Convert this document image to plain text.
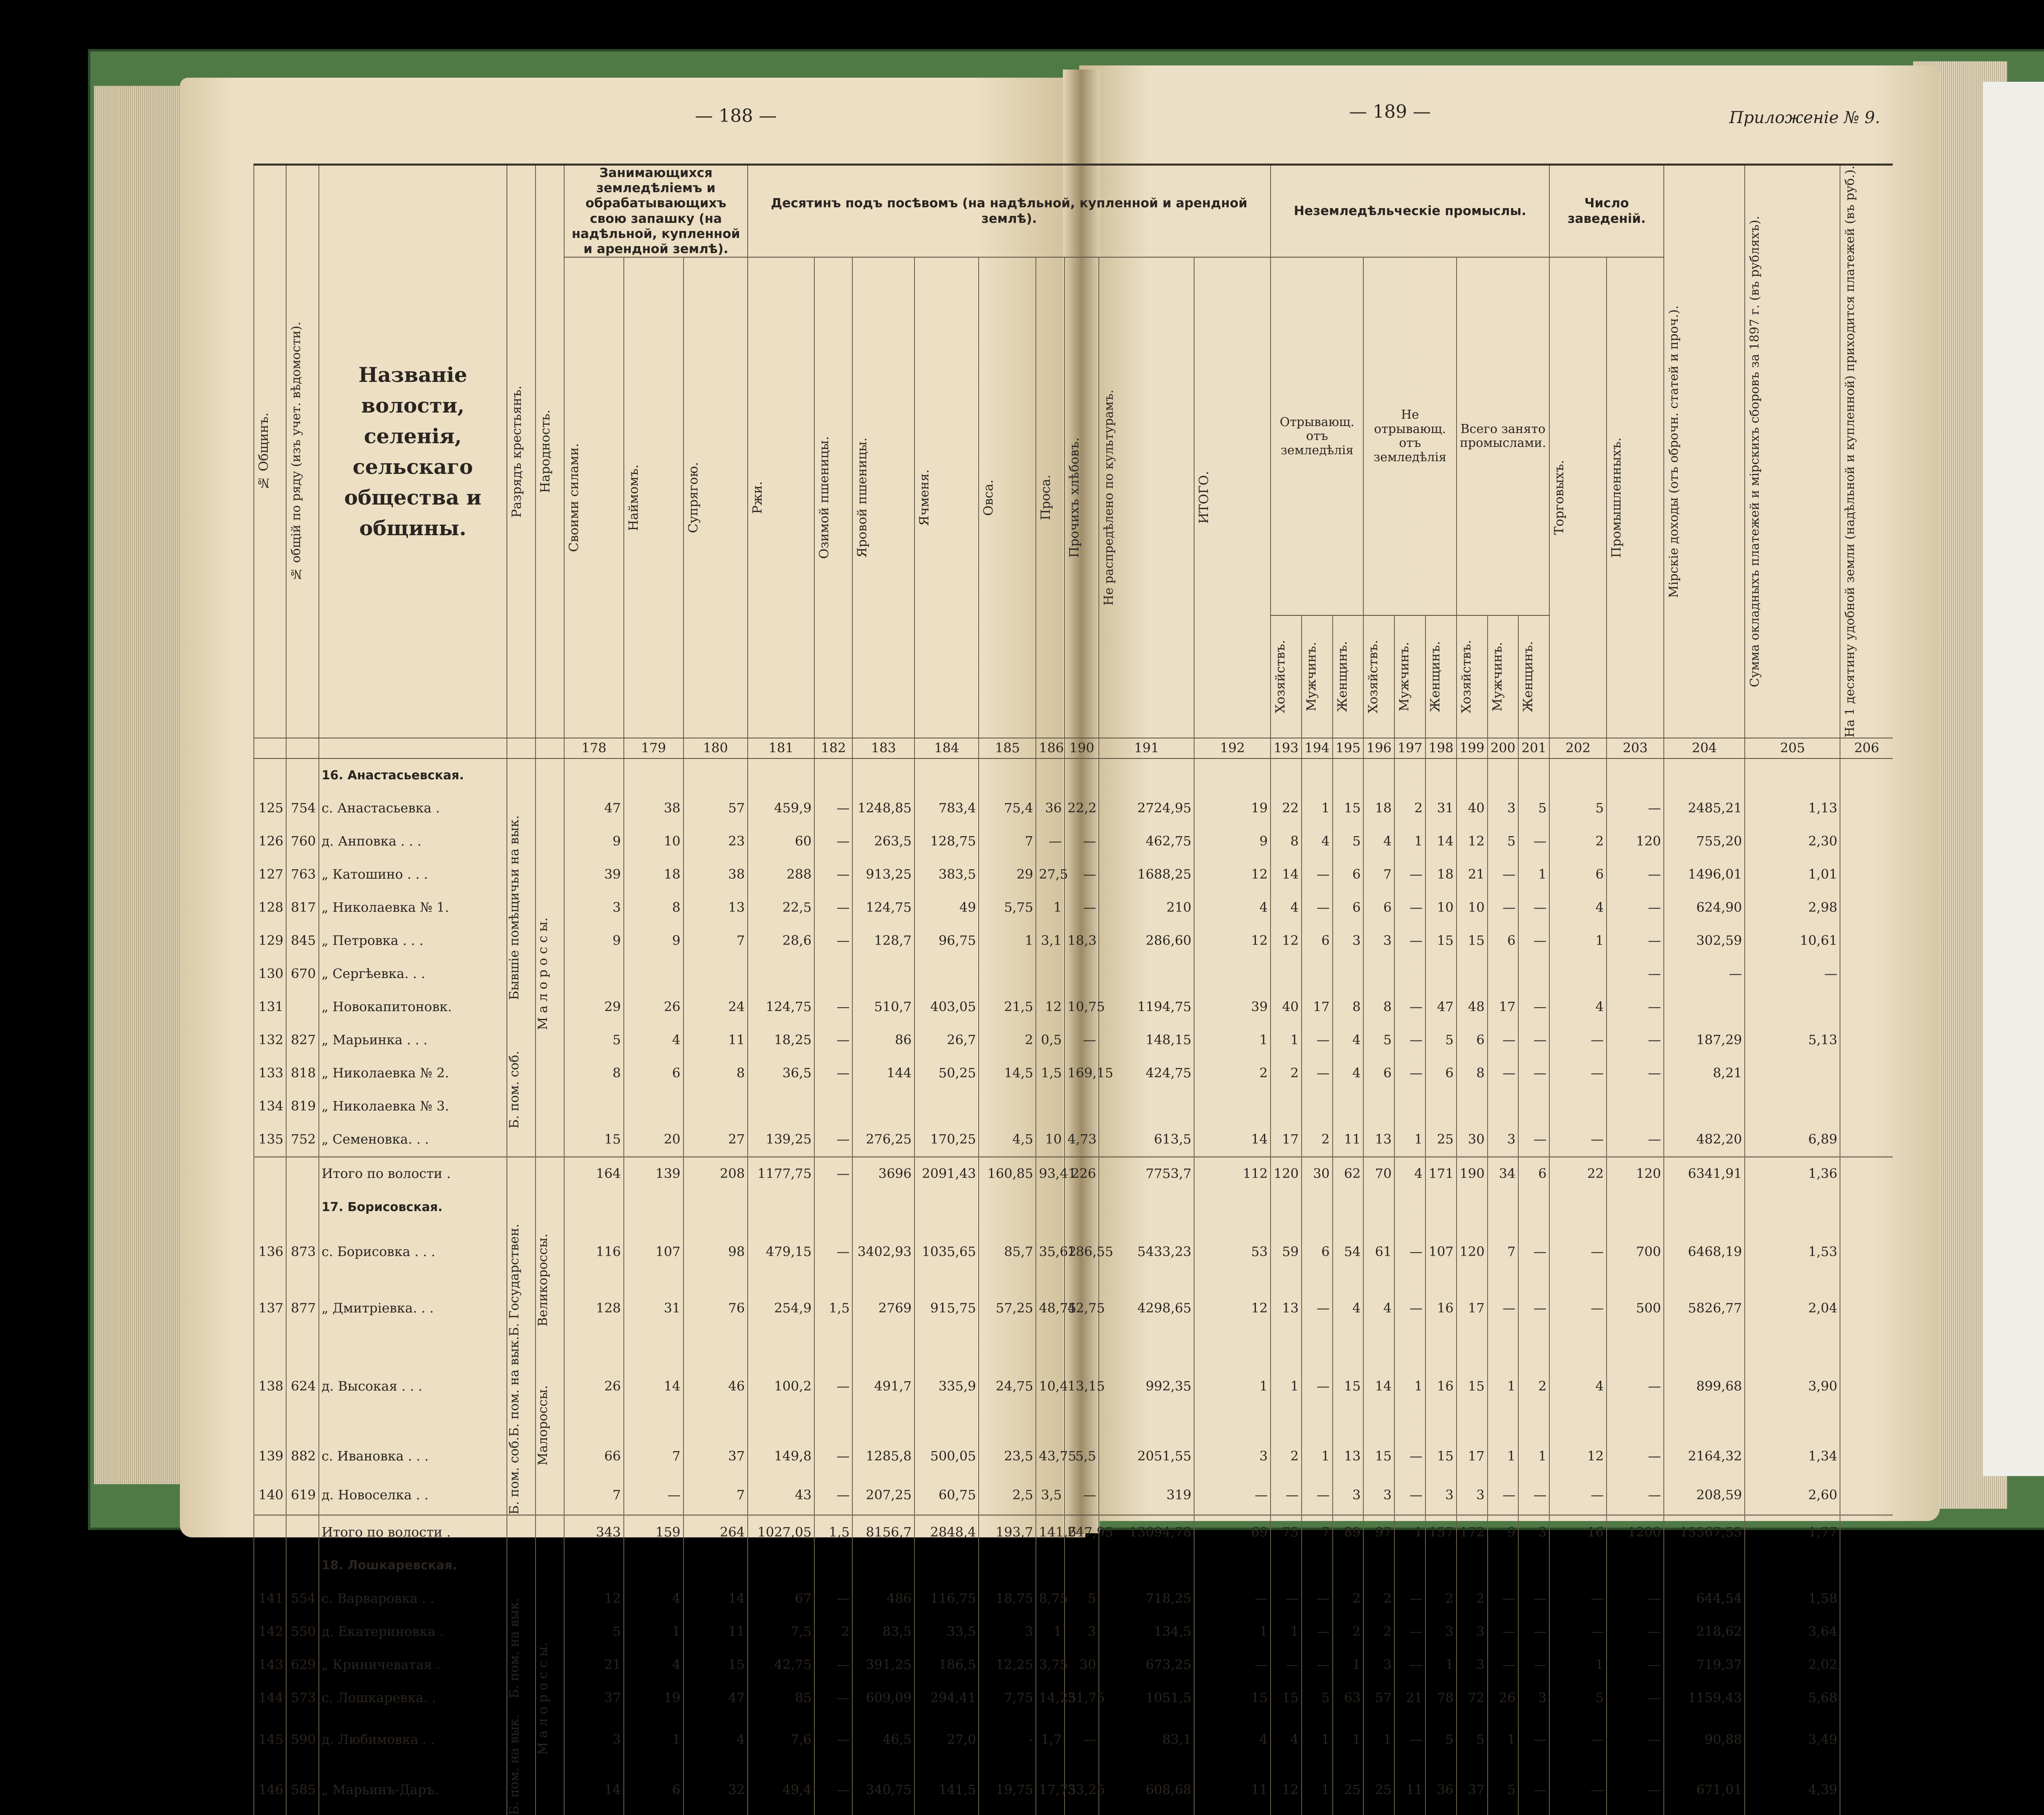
— 188 —	— 189 —	Приложеніе № 9.
№ Общинъ.	№ общій по ряду (изъ учет. вѣдомости).	Названіе волости, селенія, сельскаго общества и общины.	Разрядъ крестьянъ.	Народность.	Занимающихся земледѣліемъ и обрабатывающихъ свою запашку (на надѣльной, купленной и арендной землѣ).			Десятинъ подъ посѣвомъ (на надѣльной, купленной и арендной землѣ).									Неземледѣльческіе промыслы.									Число заведеній.		Мірскіе доходы (отъ оброчн. статей и проч.).	Сумма окладныхъ платежей и мірскихъ сборовъ за 1897 г. (въ рубляхъ).	На 1 десятину удобной земли (надѣльной и купленной) приходится платежей (въ руб.).

					Своими силами.	Наймомъ.	Супрягою.	Ржи.	Озимой пшеницы.	Яровой пшеницы.	Ячменя.	Овса.	Проса.	Прочихъ хлѣбовъ.	Не распредѣлено по культурамъ.	ИТОГО.	Отрывающ. отъ земледѣлія			Не отрывающ. отъ земледѣлія			Всего занято промыслами.			Торговыхъ.	Промышленныхъ.			

																	Хозяйствъ.	Мужчинъ.	Женщинъ.	Хозяйствъ.	Мужчинъ.	Женщинъ.	Хозяйствъ.	Мужчинъ.	Женщинъ.					

					178	179	180	181	182	183	184	185	186	190	191	192	193	194	195	196	197	198	199	200	201	202	203	204	205	206
		16. Анастасьевская.																												
125	754	с. Анастасьевка .	Бывшіе помѣщичьи на вык.	М а л о р о с с ы.	47	38	57	459,9	—	1248,85	783,4	75,4	36	22,2	2724,95	19	22	1	15	18	2	31	40	3	5	5	—	2485,21	1,13	
126	760	д. Анповка . . .			9	10	23	60	—	263,5	128,75	7	—	—	462,75	9	8	4	5	4	1	14	12	5	—	2	120	755,20	2,30	
127	763	„ Катошино . . .			39	18	38	288	—	913,25	383,5	29	27,5	—	1688,25	12	14	—	6	7	—	18	21	—	1	6	—	1496,01	1,01	
128	817	„ Николаевка № 1.			3	8	13	22,5	—	124,75	49	5,75	1	—	210	4	4	—	6	6	—	10	10	—	—	4	—	624,90	2,98	
129	845	„ Петровка . . .			9	9	7	28,6	—	128,7	96,75	1	3,1	18,3	286,60	12	12	6	3	3	—	15	15	6	—	1	—	302,59	10,61	
130	670	„ Сергѣевка. . .																									—	—	—	
131		„ Новокапитоновк.			29	26	24	124,75	—	510,7	403,05	21,5	12	10,75	1194,75	39	40	17	8	8	—	47	48	17	—	4	—			
132	827	„ Марьинка . . .	Б. пом. соб.		5	4	11	18,25	—	86	26,7	2	0,5	—	148,15	1	1	—	4	5	—	5	6	—	—	—	—	187,29	5,13	
133	818	„ Николаевка № 2.			8	6	8	36,5	—	144	50,25	14,5	1,5	169,15	424,75	2	2	—	4	6	—	6	8	—	—	—	—	8,21		
134	819	„ Николаевка № 3.																												
135	752	„ Семеновка. . .			15	20	27	139,25	—	276,25	170,25	4,5	10	4,73	613,5	14	17	2	11	13	1	25	30	3	—	—	—	482,20	6,89	
		Итого по волости .			164	139	208	1177,75	—	3696	2091,43	160,85	93,41	226	7753,7	112	120	30	62	70	4	171	190	34	6	22	120	6341,91	1,36	
		17. Борисовская.																												
136	873	с. Борисовка . . .	Б. Государствен.	Великороссы.	116	107	98	479,15	—	3402,93	1035,65	85,7	35,62	186,55	5433,23	53	59	6	54	61	—	107	120	7	—	—	700	6468,19	1,53	
137	877	„ Дмитріевка. . .			128	31	76	254,9	1,5	2769	915,75	57,25	48,75	42,75	4298,65	12	13	—	4	4	—	16	17	—	—	—	500	5826,77	2,04	
138	624	д. Высокая . . .	Б. пом. на вык.	Малороссы.	26	14	46	100,2	—	491,7	335,9	24,75	10,4	13,15	992,35	1	1	—	15	14	1	16	15	1	2	4	—	899,68	3,90	
139	882	с. Ивановка . . .	Б. пом. соб.		66	7	37	149,8	—	1285,8	500,05	23,5	43,75	5,5	2051,55	3	2	1	13	15	—	15	17	1	1	12	—	2164,32	1,34	
140	619	д. Новоселка . .			7	—	7	43	—	207,25	60,75	2,5	3,5	—	319	—	—	—	3	3	—	3	3	—	—	—	—	208,59	2,60	
		Итого по волости .			343	159	264	1027,05	1,5	8156,7	2848,4	193,7	141,6	247,95	13094,78	69	75	7	89	97	1	157	172	9	3	16	1200	15567,55	1,77	
		18. Лошкаревская.																												
141	554	с. Варваровка . .	Б. пом. на вык.	М а л о р о с с ы.	12	4	14	67	—	486	116,75	18,75	8,75	5	718,25	—	—	—	2	2	—	2	2	—	—	—	—	644,54	1,58	
142	550	д. Екатериновка .			5	1	11	7,5	2	83,5	33,5	3	1	3	134,5	1	1	—	2	2	—	3	3	—	—	—	—	218,62	3,64	
143	629	„ Криничеватая .			21	4	15	42,75	—	391,25	186,5	12,25	3,75	30	673,25	—	—	—	1	3	—	1	3	—	—	1	—	719,37	2,02	
144	573	с. Лошкаревка. .			37	19	47	85	—	609,09	294,41	7,75	14,25	31,75	1051,5	15	15	5	63	57	21	78	72	26	3	5	—	1159,43	5,68	
145	590	д. Любимовка . .	Б. пом. на вык.		3	1	4	7,6	—	46,5	27,0	-	1,7	—	83,1	4	4	1	1	1	—	5	5	1	—	—	—	90,88	3,49	
146	585	„ Марьинъ-Даръ.			14	6	32	49,4	—	340,75	141,5	19,75	17,75	33,25	608,68	11	12	1	25	25	11	36	37	5	—	—	—	671,01	4,39	
